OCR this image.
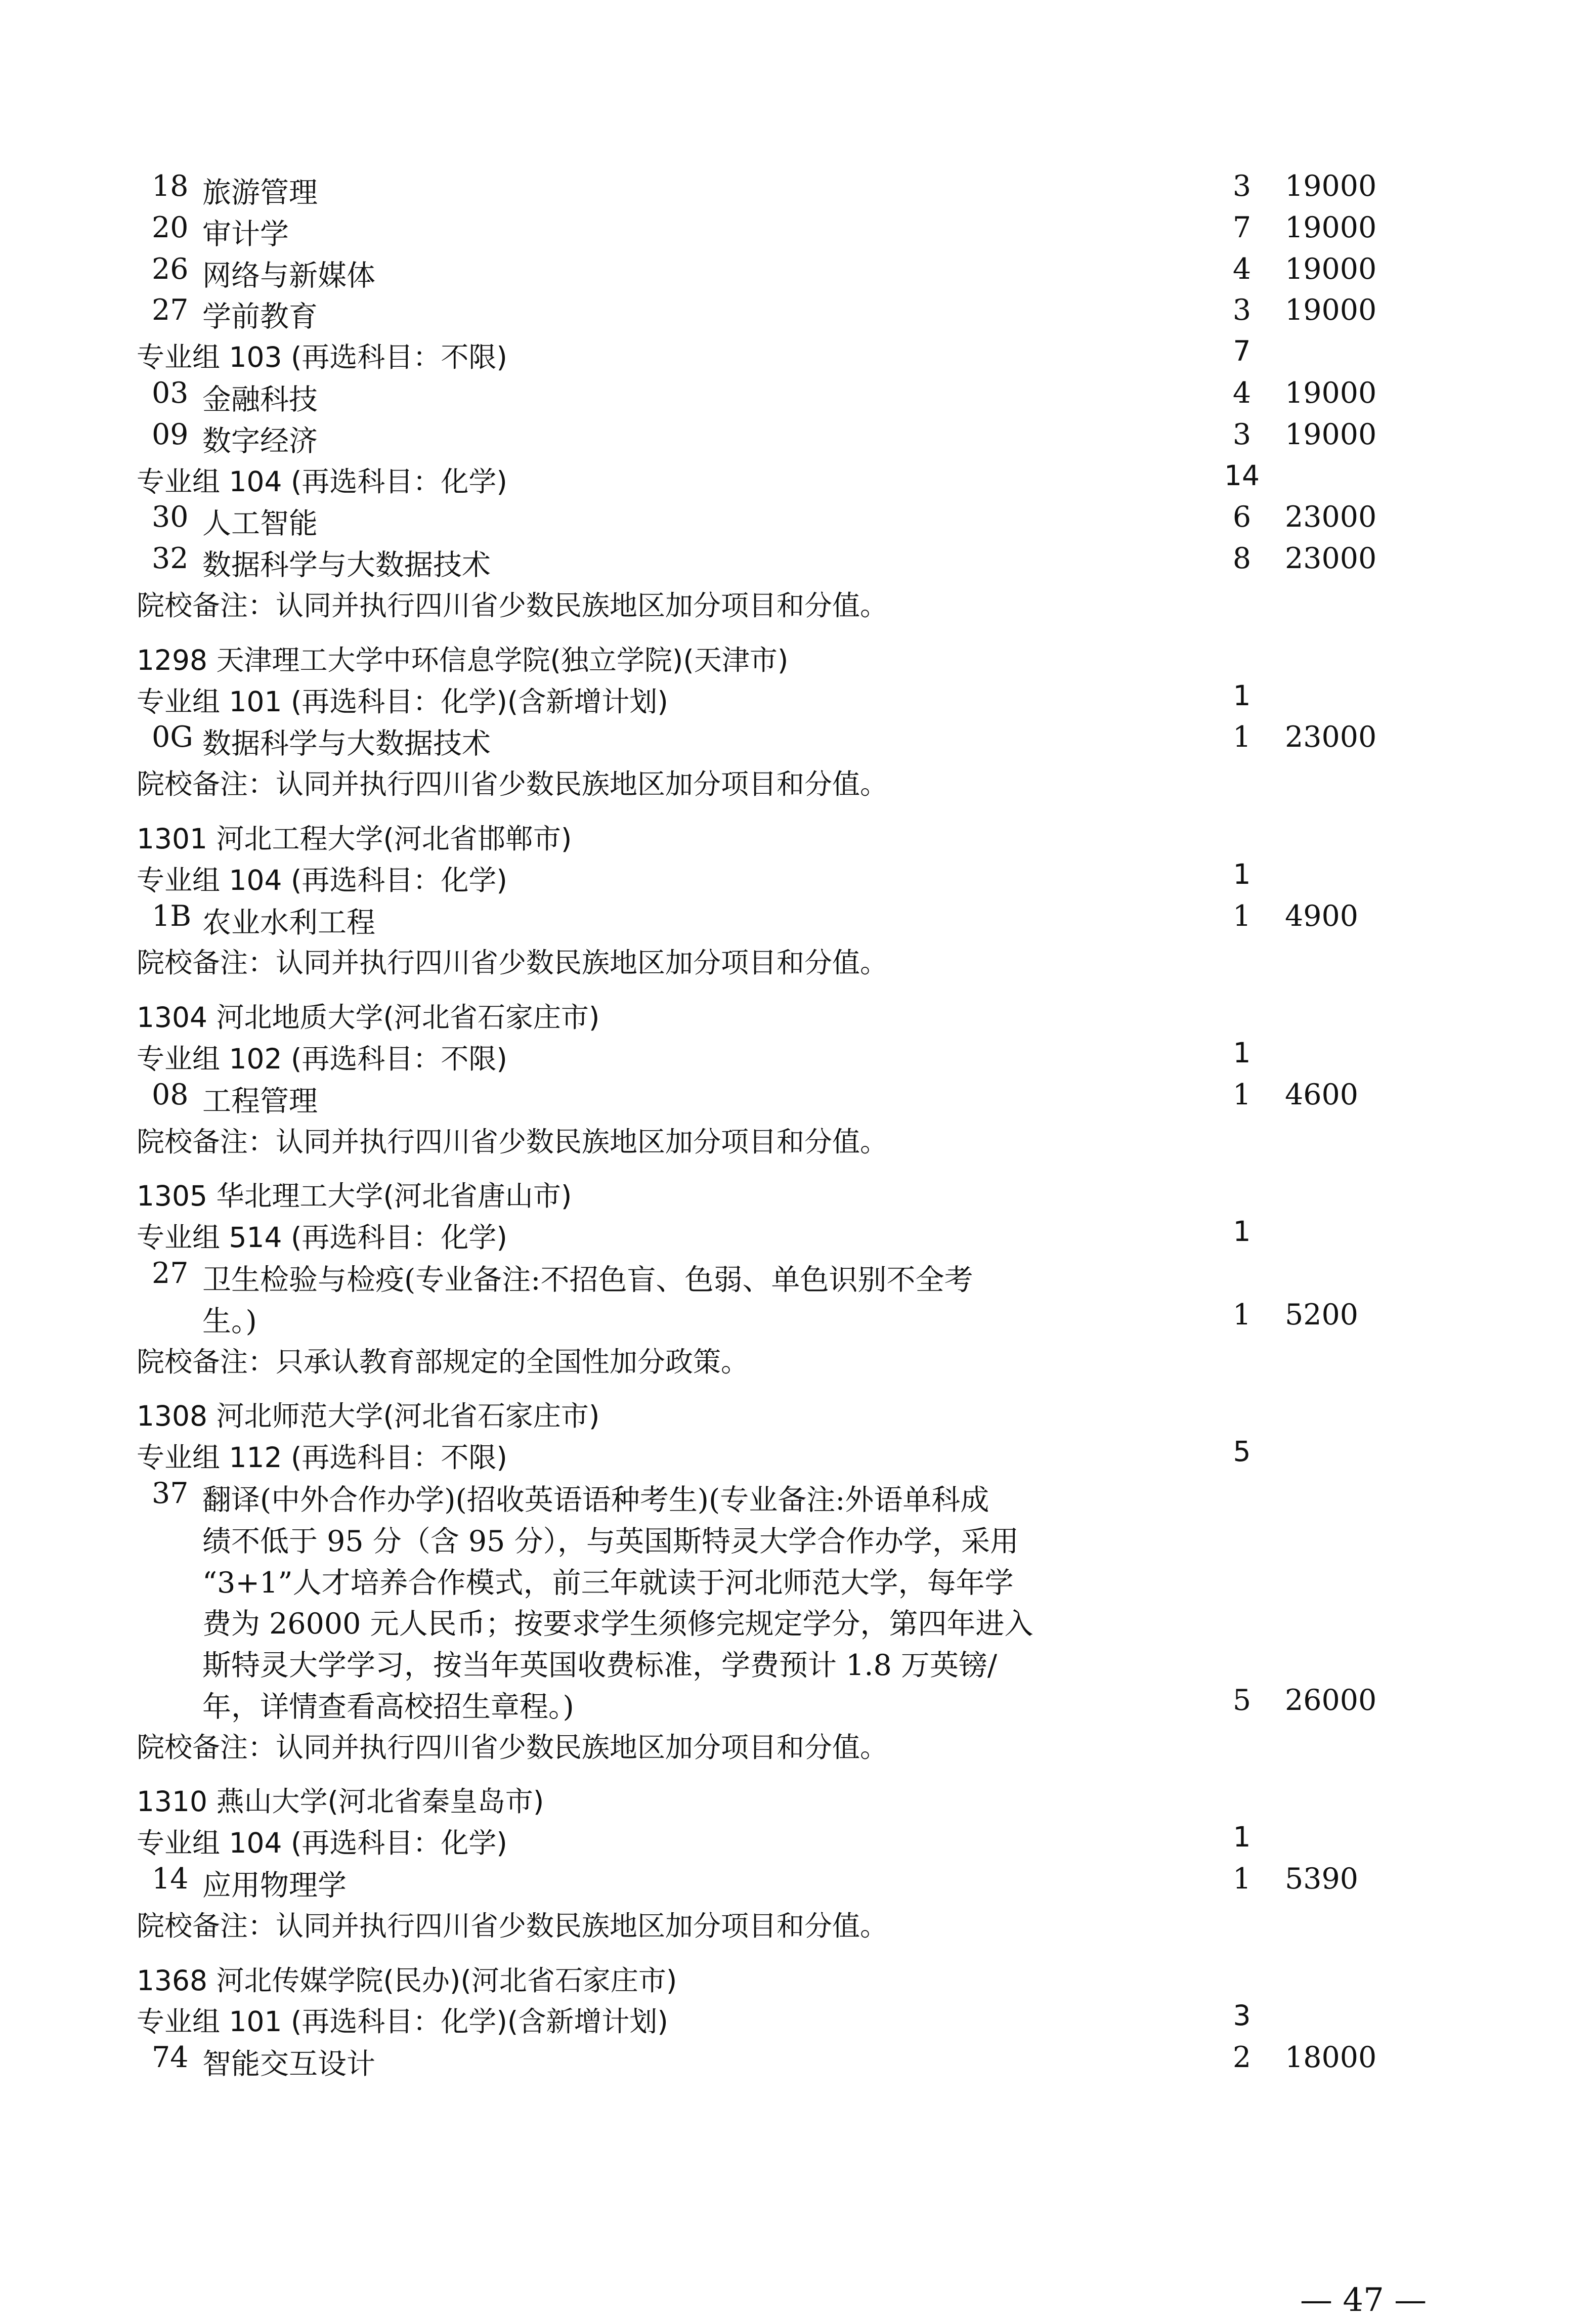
18 旅游管理	3 19000
20 审计学	7 19000
26 网络与新媒体	4 19000
27 学前教育	3 19000
专业组 103 (再选科目：不限)	7
03 金融科技	4 19000
09 数字经济	3 19000
专业组 104 (再选科目：化学)	14
30 人工智能	6 23000
32 数据科学与大数据技术	8 23000
院校备注：认同并执行四川省少数民族地区加分项目和分值。
1298 天津理工大学中环信息学院(独立学院)(天津市)
专业组 101 (再选科目：化学)(含新增计划)	1
0G 数据科学与大数据技术	1 23000
院校备注：认同并执行四川省少数民族地区加分项目和分值。
1301 河北工程大学(河北省邯郸市)
专业组 104 (再选科目：化学)	1
1B 农业水利工程	1 4900
院校备注：认同并执行四川省少数民族地区加分项目和分值。
1304 河北地质大学(河北省石家庄市)
专业组 102 (再选科目：不限)	1
08 工程管理	1 4600
院校备注：认同并执行四川省少数民族地区加分项目和分值。
1305 华北理工大学(河北省唐山市)
专业组 514 (再选科目：化学)	1
27 卫生检验与检疫(专业备注:不招色盲、色弱、单色识别不全考
生。)	1 5200
院校备注：只承认教育部规定的全国性加分政策。
1308 河北师范大学(河北省石家庄市)
专业组 112 (再选科目：不限)	5
37 翻译(中外合作办学)(招收英语语种考生)(专业备注:外语单科成
绩不低于 95 分（含 95 分），与英国斯特灵大学合作办学，采用
“3+1”人才培养合作模式，前三年就读于河北师范大学，每年学
费为 26000 元人民币；按要求学生须修完规定学分，第四年进入
斯特灵大学学习，按当年英国收费标准，学费预计 1.8 万英镑/
年，详情查看高校招生章程。)	5 26000
院校备注：认同并执行四川省少数民族地区加分项目和分值。
1310 燕山大学(河北省秦皇岛市)
专业组 104 (再选科目：化学)	1
14 应用物理学	1 5390
院校备注：认同并执行四川省少数民族地区加分项目和分值。
1368 河北传媒学院(民办)(河北省石家庄市)
专业组 101 (再选科目：化学)(含新增计划)	3
74 智能交互设计	2 18000
— 47 —
